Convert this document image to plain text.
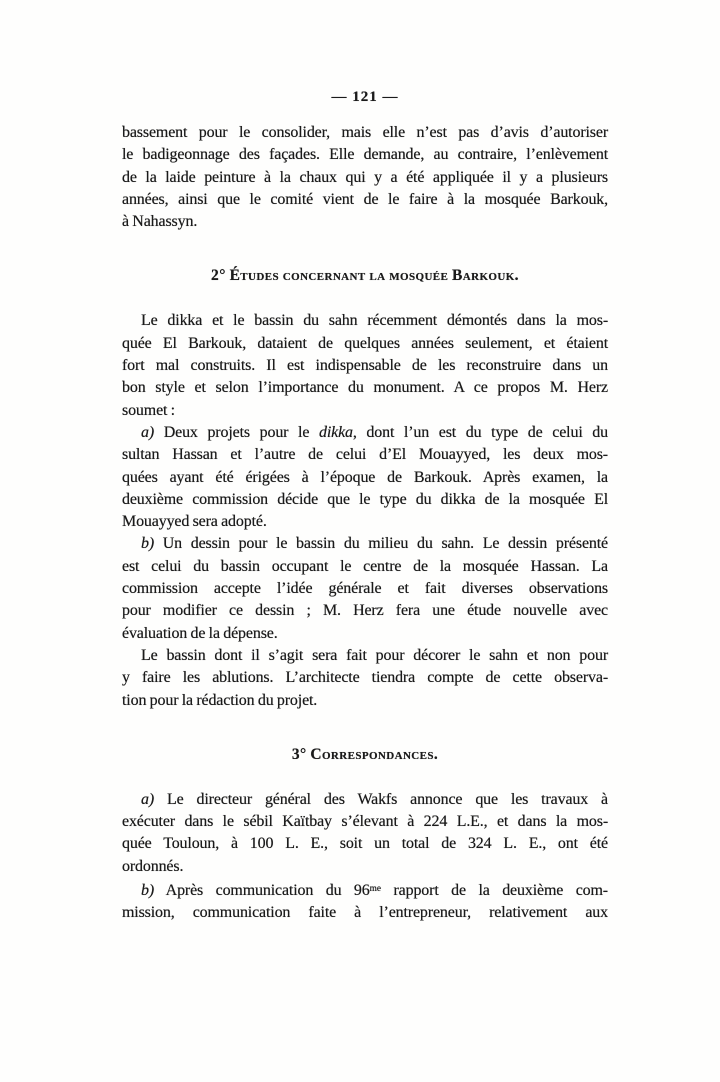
— 121 —
bassement pour le consolider, mais elle n’est pas d’avis d’autoriser
le badigeonnage des façades. Elle demande, au contraire, l’enlèvement
de la laide peinture à la chaux qui y a été appliquée il y a plusieurs
années, ainsi que le comité vient de le faire à la mosquée Barkouk,
à Nahassyn.
2° Études concernant la mosquée Barkouk.
Le dikka et le bassin du sahn récemment démontés dans la mos-
quée El Barkouk, dataient de quelques années seulement, et étaient
fort mal construits. Il est indispensable de les reconstruire dans un
bon style et selon l’importance du monument. A ce propos M. Herz
soumet :
a) Deux projets pour le dikka, dont l’un est du type de celui du
sultan Hassan et l’autre de celui d’El Mouayyed, les deux mos-
quées ayant été érigées à l’époque de Barkouk. Après examen, la
deuxième commission décide que le type du dikka de la mosquée El
Mouayyed sera adopté.
b) Un dessin pour le bassin du milieu du sahn. Le dessin présenté
est celui du bassin occupant le centre de la mosquée Hassan. La
commission accepte l’idée générale et fait diverses observations
pour modifier ce dessin ; M. Herz fera une étude nouvelle avec
évaluation de la dépense.
Le bassin dont il s’agit sera fait pour décorer le sahn et non pour
y faire les ablutions. L’architecte tiendra compte de cette observa-
tion pour la rédaction du projet.
3° Correspondances.
a) Le directeur général des Wakfs annonce que les travaux à
exécuter dans le sébil Kaïtbay s’élevant à 224 L.E., et dans la mos-
quée Touloun, à 100 L. E., soit un total de 324 L. E., ont été
ordonnés.
b) Après communication du $96^{me}$ rapport de la deuxième com-
mission, communication faite à l’entrepreneur, relativement aux
